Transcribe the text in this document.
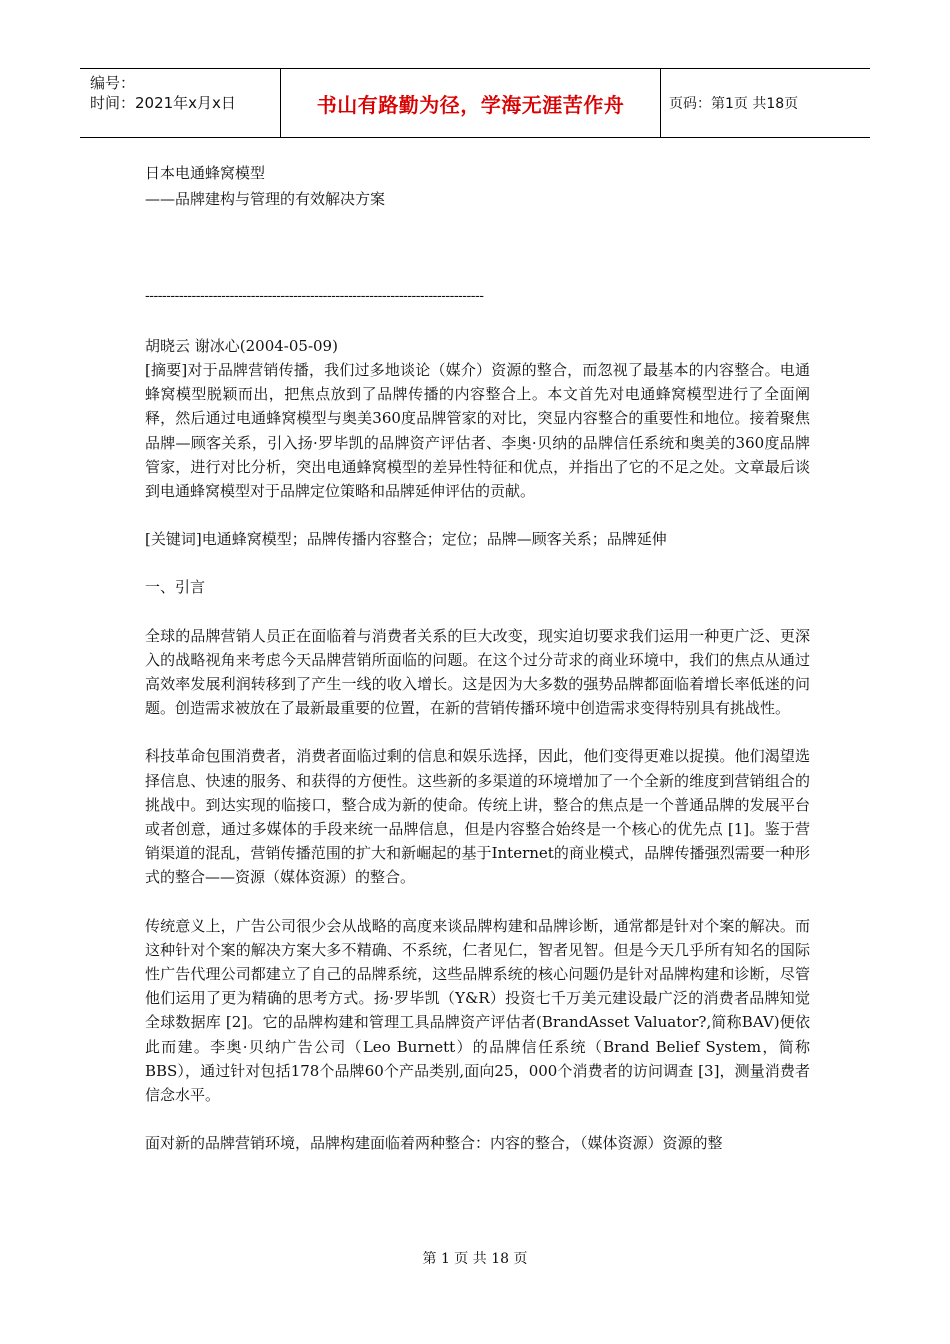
编号：
时间：2021年x月x日	书山有路勤为径，学海无涯苦作舟	页码：第1页 共18页

日本电通蜂窝模型

——品牌建构与管理的有效解决方案

--------------------------------------------------------------------------------
胡晓云 谢冰心(2004-05-09)

[摘要]对于品牌营销传播，我们过多地谈论（媒介）资源的整合，而忽视了最基本的内容整合。电通蜂窝模型脱颖而出，把焦点放到了品牌传播的内容整合上。本文首先对电通蜂窝模型进行了全面阐释，然后通过电通蜂窝模型与奥美360度品牌管家的对比，突显内容整合的重要性和地位。接着聚焦品牌—顾客关系，引入扬·罗毕凯的品牌资产评估者、李奥·贝纳的品牌信任系统和奥美的360度品牌管家，进行对比分析，突出电通蜂窝模型的差异性特征和优点，并指出了它的不足之处。文章最后谈到电通蜂窝模型对于品牌定位策略和品牌延伸评估的贡献。

[关键词]电通蜂窝模型；品牌传播内容整合；定位；品牌—顾客关系；品牌延伸

一、引言

全球的品牌营销人员正在面临着与消费者关系的巨大改变，现实迫切要求我们运用一种更广泛、更深入的战略视角来考虑今天品牌营销所面临的问题。在这个过分苛求的商业环境中，我们的焦点从通过高效率发展利润转移到了产生一线的收入增长。这是因为大多数的强势品牌都面临着增长率低迷的问题。创造需求被放在了最新最重要的位置，在新的营销传播环境中创造需求变得特别具有挑战性。

科技革命包围消费者，消费者面临过剩的信息和娱乐选择，因此，他们变得更难以捉摸。他们渴望选择信息、快速的服务、和获得的方便性。这些新的多渠道的环境增加了一个全新的维度到营销组合的挑战中。到达实现的临接口，整合成为新的使命。传统上讲，整合的焦点是一个普通品牌的发展平台或者创意，通过多媒体的手段来统一品牌信息，但是内容整合始终是一个核心的优先点 [1]。鉴于营销渠道的混乱，营销传播范围的扩大和新崛起的基于Internet的商业模式，品牌传播强烈需要一种形式的整合——资源（媒体资源）的整合。

传统意义上，广告公司很少会从战略的高度来谈品牌构建和品牌诊断，通常都是针对个案的解决。而这种针对个案的解决方案大多不精确、不系统，仁者见仁，智者见智。但是今天几乎所有知名的国际性广告代理公司都建立了自己的品牌系统，这些品牌系统的核心问题仍是针对品牌构建和诊断，尽管他们运用了更为精确的思考方式。扬·罗毕凯（Y&R）投资七千万美元建设最广泛的消费者品牌知觉全球数据库 [2]。它的品牌构建和管理工具品牌资产评估者(BrandAsset Valuator?,简称BAV)便依此而建。李奥·贝纳广告公司（Leo Burnett）的品牌信任系统（Brand Belief System，简称BBS），通过针对包括178个品牌60个产品类别,面向25，000个消费者的访问调查 [3]，测量消费者信念水平。

面对新的品牌营销环境，品牌构建面临着两种整合：内容的整合，（媒体资源）资源的整

第 1 页 共 18 页
